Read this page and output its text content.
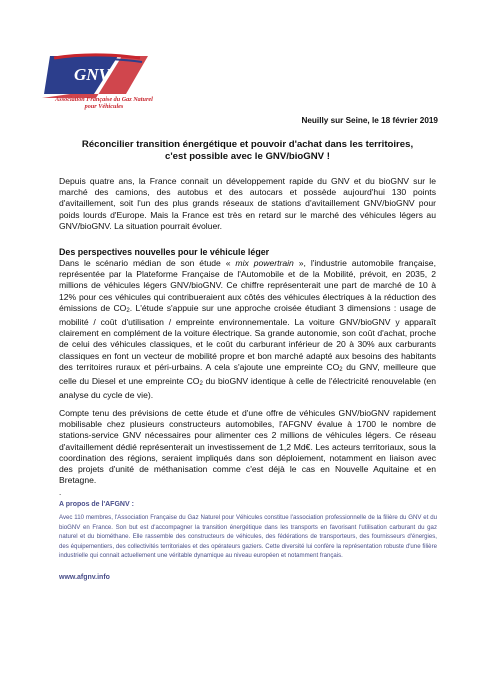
GNV
Association Française du Gaz Naturel pour Véhicules
Neuilly sur Seine, le 18 février 2019
Réconcilier transition énergétique et pouvoir d'achat dans les territoires,
c'est possible avec le GNV/bioGNV !
Depuis quatre ans, la France connait un développement rapide du GNV et du bioGNV sur le marché des camions, des autobus et des autocars et possède aujourd'hui 130 points d'avitaillement, soit l'un des plus grands réseaux de stations d'avitaillement GNV/bioGNV pour poids lourds d'Europe. Mais la France est très en retard sur le marché des véhicules légers au GNV/bioGNV. La situation pourrait évoluer.
Des perspectives nouvelles pour le véhicule léger
Dans le scénario médian de son étude « mix powertrain », l'industrie automobile française, représentée par la Plateforme Française de l'Automobile et de la Mobilité, prévoit, en 2035, 2 millions de véhicules légers GNV/bioGNV. Ce chiffre représenterait une part de marché de 10 à 12% pour ces véhicules qui contribueraient aux côtés des véhicules électriques à la réduction des émissions de $CO_2$. L'étude s'appuie sur une approche croisée étudiant 3 dimensions : usage de mobilité / coût d'utilisation / empreinte environnementale. La voiture GNV/bioGNV y apparaît clairement en complément de la voiture électrique. Sa grande autonomie, son coût d'achat, proche de celui des véhicules classiques, et le coût du carburant inférieur de 20 à 30% aux carburants classiques en font un vecteur de mobilité propre et bon marché adapté aux besoins des habitants des territoires ruraux et péri-urbains. A cela s'ajoute une empreinte $CO_2$ du GNV, meilleure que celle du Diesel et une empreinte $CO_2$ du bioGNV identique à celle de l'électricité renouvelable (en analyse du cycle de vie).
Compte tenu des prévisions de cette étude et d'une offre de véhicules GNV/bioGNV rapidement mobilisable chez plusieurs constructeurs automobiles, l'AFGNV évalue à 1700 le nombre de stations-service GNV nécessaires pour alimenter ces 2 millions de véhicules légers. Ce réseau d'avitaillement dédié représenterait un investissement de 1,2 Md€. Les acteurs territoriaux, sous la coordination des régions, seraient impliqués dans son déploiement, notamment en liaison avec des projets d'unité de méthanisation comme c'est déjà le cas en Nouvelle Aquitaine et en Bretagne.
.
A propos de l'AFGNV :
Avec 110 membres, l'Association Française du Gaz Naturel pour Véhicules constitue l'association professionnelle de la filière du GNV et du bioGNV en France. Son but est d'accompagner la transition énergétique dans les transports en favorisant l'utilisation carburant du gaz naturel et du biométhane. Elle rassemble des constructeurs de véhicules, des fédérations de transporteurs, des fournisseurs d'énergies, des équipementiers, des collectivités territoriales et des opérateurs gaziers. Cette diversité lui confère la représentation robuste d'une filière industrielle qui connait actuellement une véritable dynamique au niveau européen et notamment français.
www.afgnv.info
